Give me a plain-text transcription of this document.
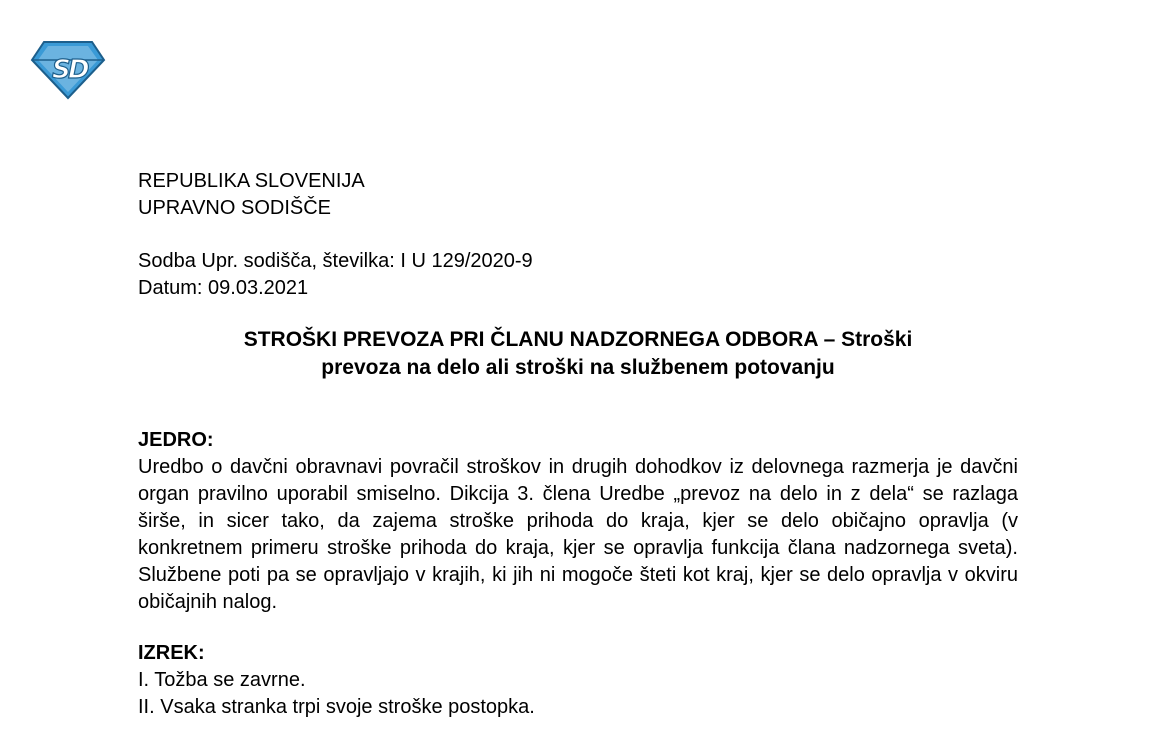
S
D
REPUBLIKA SLOVENIJA
UPRAVNO SODIŠČE
Sodba Upr. sodišča, številka: I U 129/2020-9
Datum: 09.03.2021
STROŠKI PREVOZA PRI ČLANU NADZORNEGA ODBORA – Stroški
prevoza na delo ali stroški na službenem potovanju
JEDRO:
Uredbo o davčni obravnavi povračil stroškov in drugih dohodkov iz delovnega razmerja je davčni organ pravilno uporabil smiselno. Dikcija 3. člena Uredbe „prevoz na delo in z dela“ se razlaga širše, in sicer tako, da zajema stroške prihoda do kraja, kjer se delo običajno opravlja (v konkretnem primeru stroške prihoda do kraja, kjer se opravlja funkcija člana nadzornega sveta). Službene poti pa se opravljajo v krajih, ki jih ni mogoče šteti kot kraj, kjer se delo opravlja v okviru običajnih nalog.
IZREK:
I. Tožba se zavrne.
II. Vsaka stranka trpi svoje stroške postopka.
